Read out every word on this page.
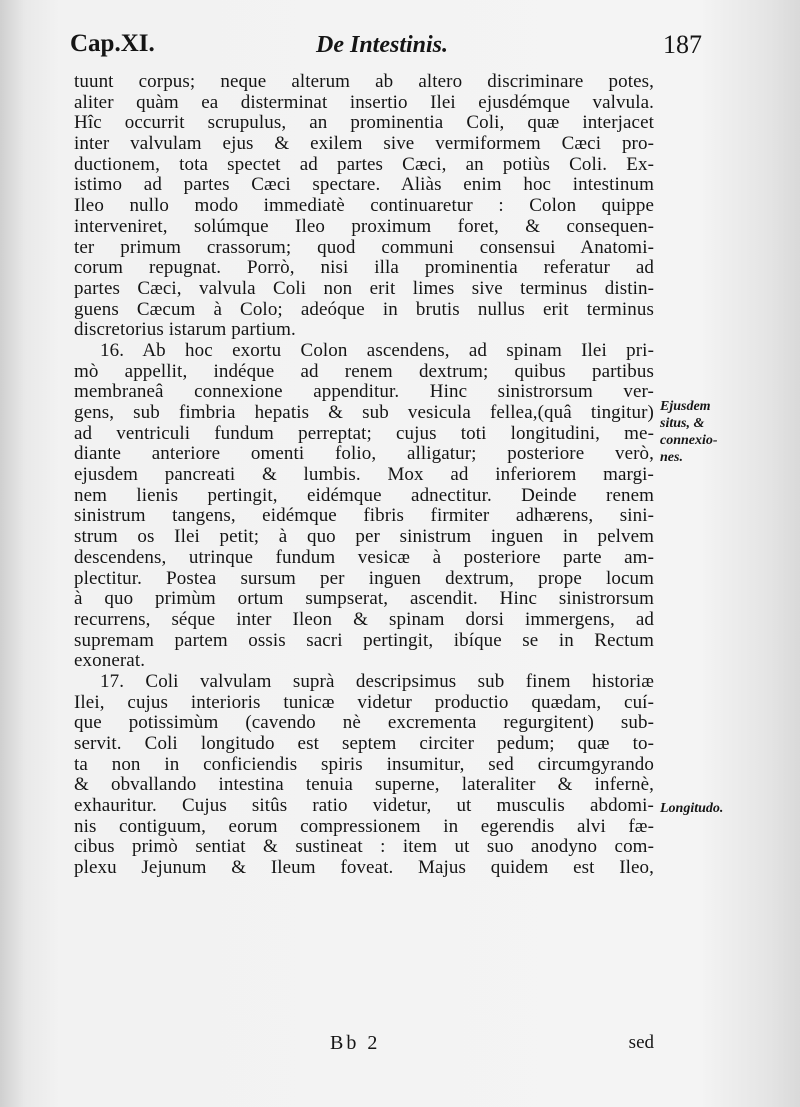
Cap.XI.	De Intestinis.	187
tuunt corpus; neque alterum ab altero discriminare potes,
aliter quàm ea disterminat insertio Ilei ejusdémque valvula.
Hîc occurrit scrupulus, an prominentia Coli, quæ interjacet
inter valvulam ejus & exilem sive vermiformem Cæci pro-
ductionem, tota spectet ad partes Cæci, an potiùs Coli. Ex-
istimo ad partes Cæci spectare. Aliàs enim hoc intestinum
Ileo nullo modo immediatè continuaretur : Colon quippe
interveniret, solúmque Ileo proximum foret, & consequen-
ter primum crassorum; quod communi consensui Anatomi-
corum repugnat. Porrò, nisi illa prominentia referatur ad
partes Cæci, valvula Coli non erit limes sive terminus distin-
guens Cæcum à Colo; adeóque in brutis nullus erit terminus
discretorius istarum partium.
16. Ab hoc exortu Colon ascendens, ad spinam Ilei pri-
mò appellit, indéque ad renem dextrum; quibus partibus
membraneâ connexione appenditur. Hinc sinistrorsum ver-
gens, sub fimbria hepatis & sub vesicula fellea,(quâ tingitur)
ad ventriculi fundum perreptat; cujus toti longitudini, me-
diante anteriore omenti folio, alligatur; posteriore verò,
ejusdem pancreati & lumbis. Mox ad inferiorem margi-
nem lienis pertingit, eidémque adnectitur. Deinde renem
sinistrum tangens, eidémque fibris firmiter adhærens, sini-
strum os Ilei petit; à quo per sinistrum inguen in pelvem
descendens, utrinque fundum vesicæ à posteriore parte am-
plectitur. Postea sursum per inguen dextrum, prope locum
à quo primùm ortum sumpserat, ascendit. Hinc sinistrorsum
recurrens, séque inter Ileon & spinam dorsi immergens, ad
supremam partem ossis sacri pertingit, ibíque se in Rectum
exonerat.
17. Coli valvulam suprà descripsimus sub finem historiæ
Ilei, cujus interioris tunicæ videtur productio quædam, cuí-
que potissimùm (cavendo nè excrementa regurgitent) sub-
servit. Coli longitudo est septem circiter pedum; quæ to-
ta non in conficiendis spiris insumitur, sed circumgyrando
& obvallando intestina tenuia superne, lateraliter & infernè,
exhauritur. Cujus sitûs ratio videtur, ut musculis abdomi-
nis contiguum, eorum compressionem in egerendis alvi fæ-
cibus primò sentiat & sustineat : item ut suo anodyno com-
plexu Jejunum & Ileum foveat. Majus quidem est Ileo,
Ejusdem
situs, &
connexio-
nes.
Longitudo.
Bb 2	sed
